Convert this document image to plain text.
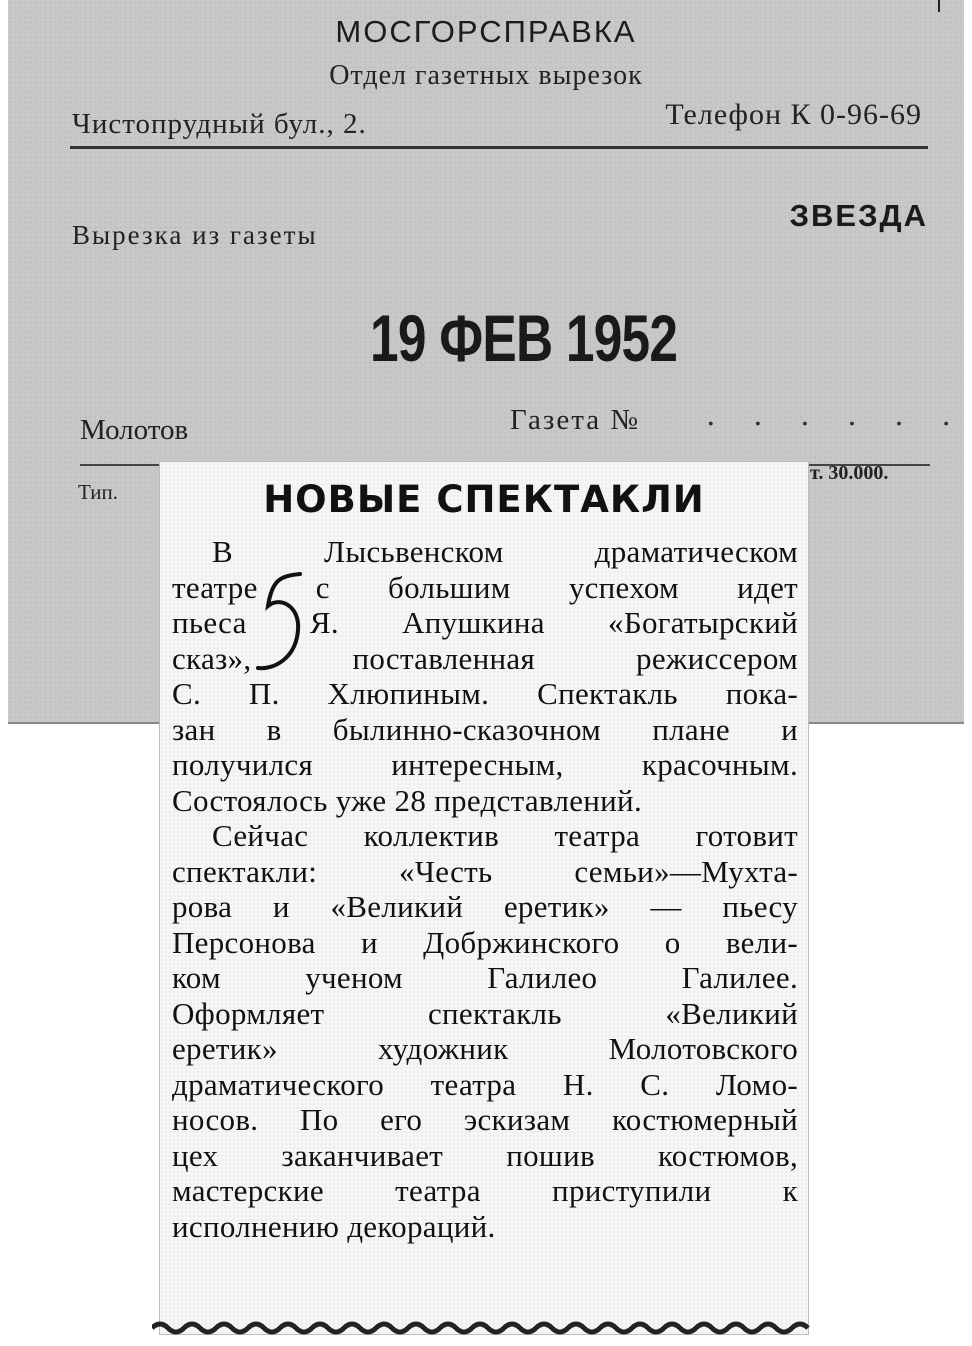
МОСГОРСПРАВКА
Отдел газетных вырезок
Чистопрудный бул., 2.	Телефон К 0-96-69
Вырезка из газеты
ЗВЕЗДА
19 ФЕВ 1952
Молотов	Газета № . . . . . .
Тип.
т. 30.000.
НОВЫЕ СПЕКТАКЛИ
В Лысьвенском драматическом
театре с большим успехом идет
пьеса Я. Апушкина «Богатырский
сказ», поставленная режиссером
С. П. Хлюпиным. Спектакль пока-
зан в былинно-сказочном плане и
получился интересным, красочным.
Состоялось уже 28 представлений.
Сейчас коллектив театра готовит
спектакли: «Честь семьи»—Мухта-
рова и «Великий еретик» — пьесу
Персонова и Добржинского о вели-
ком ученом Галилео Галилее.
Оформляет спектакль «Великий
еретик» художник Молотовского
драматического театра Н. С. Ломо-
носов. По его эскизам костюмерный
цех заканчивает пошив костюмов,
мастерские театра приступили к
исполнению декораций.
